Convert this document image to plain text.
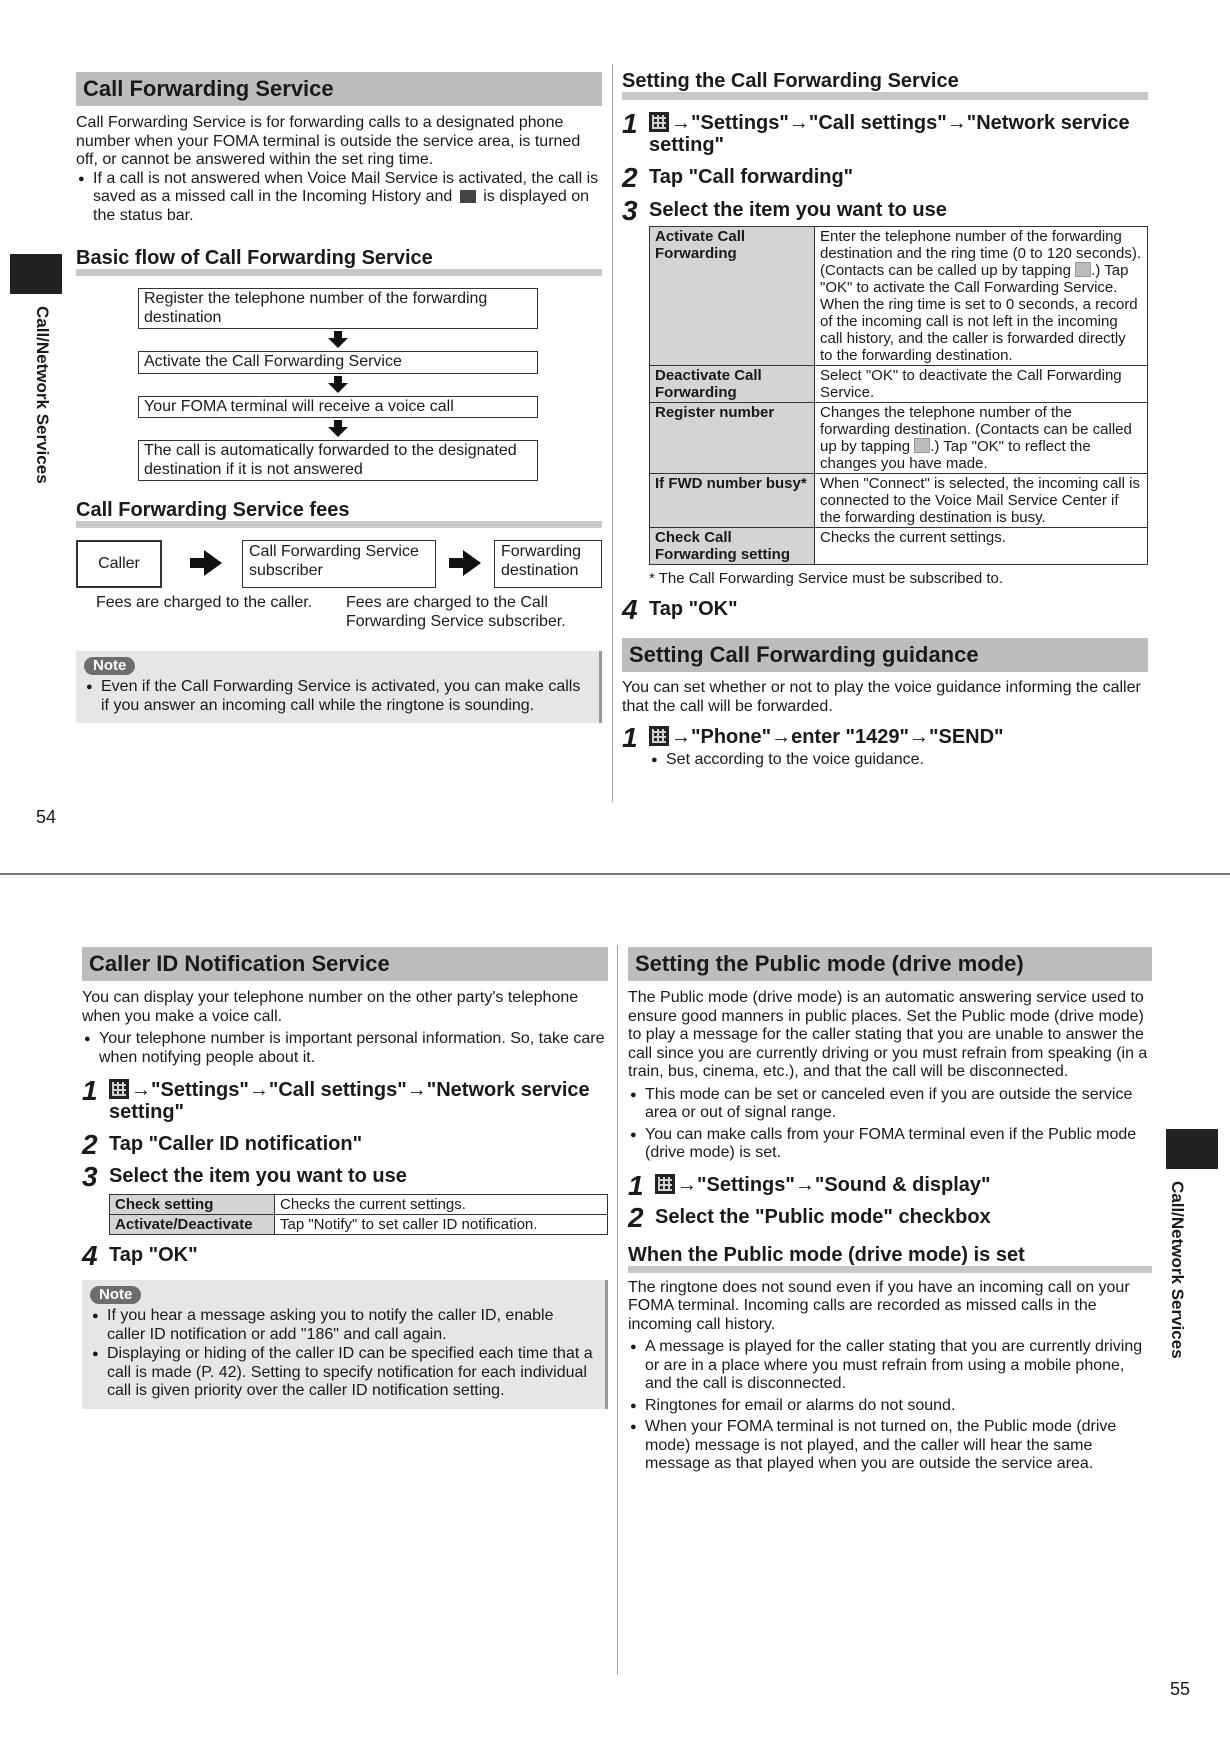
Call/Network Services
54
Call Forwarding Service

Call Forwarding Service is for forwarding calls to a designated phone number when your FOMA terminal is outside the service area, is turned off, or cannot be answered within the set ring time.

● If a call is not answered when Voice Mail Service is activated, the call is saved as a missed call in the Incoming History and is displayed on the status bar.
Basic flow of Call Forwarding Service
Register the telephone number of the forwarding destination
Activate the Call Forwarding Service
Your FOMA terminal will receive a voice call
The call is automatically forwarded to the designated destination if it is not answered
Call Forwarding Service fees
Caller
Call Forwarding Service subscriber
Forwarding destination
Fees are charged to the caller. Fees are charged to the Call Forwarding Service subscriber.
Note
● Even if the Call Forwarding Service is activated, you can make calls if you answer an incoming call while the ringtone is sounding.
Setting the Call Forwarding Service
1 →"Settings"→"Call settings"→"Network service setting"
2 Tap "Call forwarding"
3 Select the item you want to use
Activate Call Forwarding	Enter the telephone number of the forwarding destination and the ring time (0 to 120 seconds). (Contacts can be called up by tapping .) Tap "OK" to activate the Call Forwarding Service.
When the ring time is set to 0 seconds, a record of the incoming call is not left in the incoming call history, and the caller is forwarded directly to the forwarding destination.

Deactivate Call Forwarding	Select "OK" to deactivate the Call Forwarding Service.
Register number	Changes the telephone number of the forwarding destination. (Contacts can be called up by tapping .) Tap "OK" to reflect the changes you have made.
If FWD number busy*	When "Connect" is selected, the incoming call is connected to the Voice Mail Service Center if the forwarding destination is busy.
Check Call Forwarding setting	Checks the current settings.
* The Call Forwarding Service must be subscribed to.
4 Tap "OK"
Setting Call Forwarding guidance

You can set whether or not to play the voice guidance informing the caller that the call will be forwarded.

1 →"Phone"→enter "1429"→"SEND"
● Set according to the voice guidance.
Call/Network Services
55
Caller ID Notification Service

You can display your telephone number on the other party's telephone when you make a voice call.

● Your telephone number is important personal information. So, take care when notifying people about it.
1 →"Settings"→"Call settings"→"Network service setting"
2 Tap "Caller ID notification"
3 Select the item you want to use
Check setting	Checks the current settings.
Activate/Deactivate	Tap "Notify" to set caller ID notification.
4 Tap "OK"
Note
● If you hear a message asking you to notify the caller ID, enable caller ID notification or add "186" and call again.
● Displaying or hiding of the caller ID can be specified each time that a call is made (P. 42). Setting to specify notification for each individual call is given priority over the caller ID notification setting.
Setting the Public mode (drive mode)

The Public mode (drive mode) is an automatic answering service used to ensure good manners in public places. Set the Public mode (drive mode) to play a message for the caller stating that you are unable to answer the call since you are currently driving or you must refrain from speaking (in a train, bus, cinema, etc.), and that the call will be disconnected.

● This mode can be set or canceled even if you are outside the service area or out of signal range.
● You can make calls from your FOMA terminal even if the Public mode (drive mode) is set.
1 →"Settings"→"Sound & display"
2 Select the "Public mode" checkbox
When the Public mode (drive mode) is set

The ringtone does not sound even if you have an incoming call on your FOMA terminal. Incoming calls are recorded as missed calls in the incoming call history.

● A message is played for the caller stating that you are currently driving or are in a place where you must refrain from using a mobile phone, and the call is disconnected.
● Ringtones for email or alarms do not sound.
● When your FOMA terminal is not turned on, the Public mode (drive mode) message is not played, and the caller will hear the same message as that played when you are outside the service area.
